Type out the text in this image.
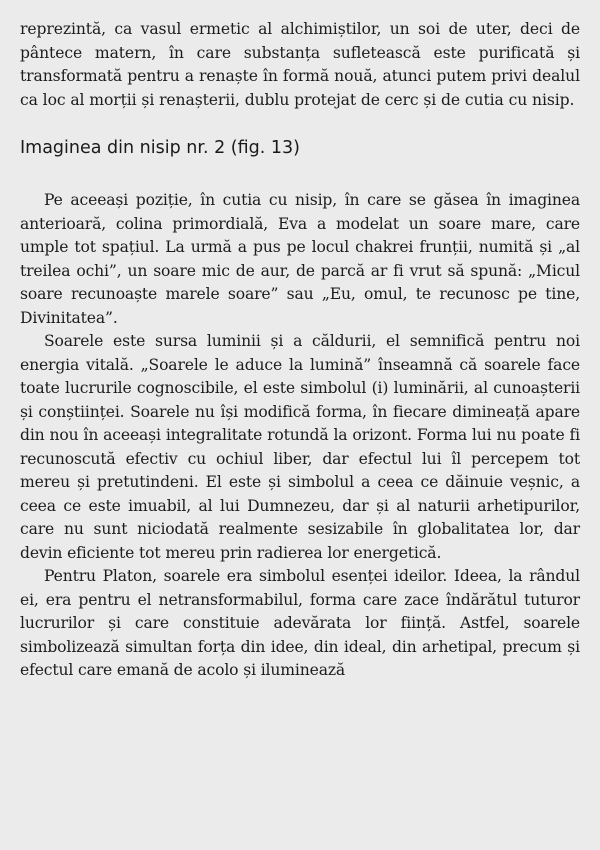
reprezintă, ca vasul ermetic al alchimiștilor, un soi de uter, deci de pântece matern, în care substanța sufletească este purificată și transformată pentru a renaște în formă nouă, atunci putem privi dealul ca loc al morții și renașterii, dublu protejat de cerc și de cutia cu nisip.

Imaginea din nisip nr. 2 (fig. 13)

Pe aceeași poziție, în cutia cu nisip, în care se găsea în imaginea anterioară, colina primordială, Eva a modelat un soare mare, care umple tot spațiul. La urmă a pus pe locul chakrei frunții, numită și „al treilea ochi”, un soare mic de aur, de parcă ar fi vrut să spună: „Micul soare recunoaște marele soare” sau „Eu, omul, te recunosc pe tine, Divinitatea”.

Soarele este sursa luminii și a căldurii, el semnifică pentru noi energia vitală. „Soarele le aduce la lumină” înseamnă că soarele face toate lucrurile cognoscibile, el este simbolul (i) luminării, al cunoașterii și conștiinței. Soarele nu își modifică forma, în fiecare dimineață apare din nou în aceeași integralitate rotundă la orizont. Forma lui nu poate fi recunoscută efectiv cu ochiul liber, dar efectul lui îl percepem tot mereu și pretutindeni. El este și simbolul a ceea ce dăinuie veșnic, a ceea ce este imuabil, al lui Dumnezeu, dar și al naturii arhetipurilor, care nu sunt niciodată realmente sesizabile în globalitatea lor, dar devin eficiente tot mereu prin radierea lor energetică.

Pentru Platon, soarele era simbolul esenței ideilor. Ideea, la rândul ei, era pentru el netransformabilul, forma care zace îndărătul tuturor lucrurilor și care constituie adevărata lor ființă. Astfel, soarele simbolizează simultan forța din idee, din ideal, din arhetipal, precum și efectul care emană de acolo și iluminează
